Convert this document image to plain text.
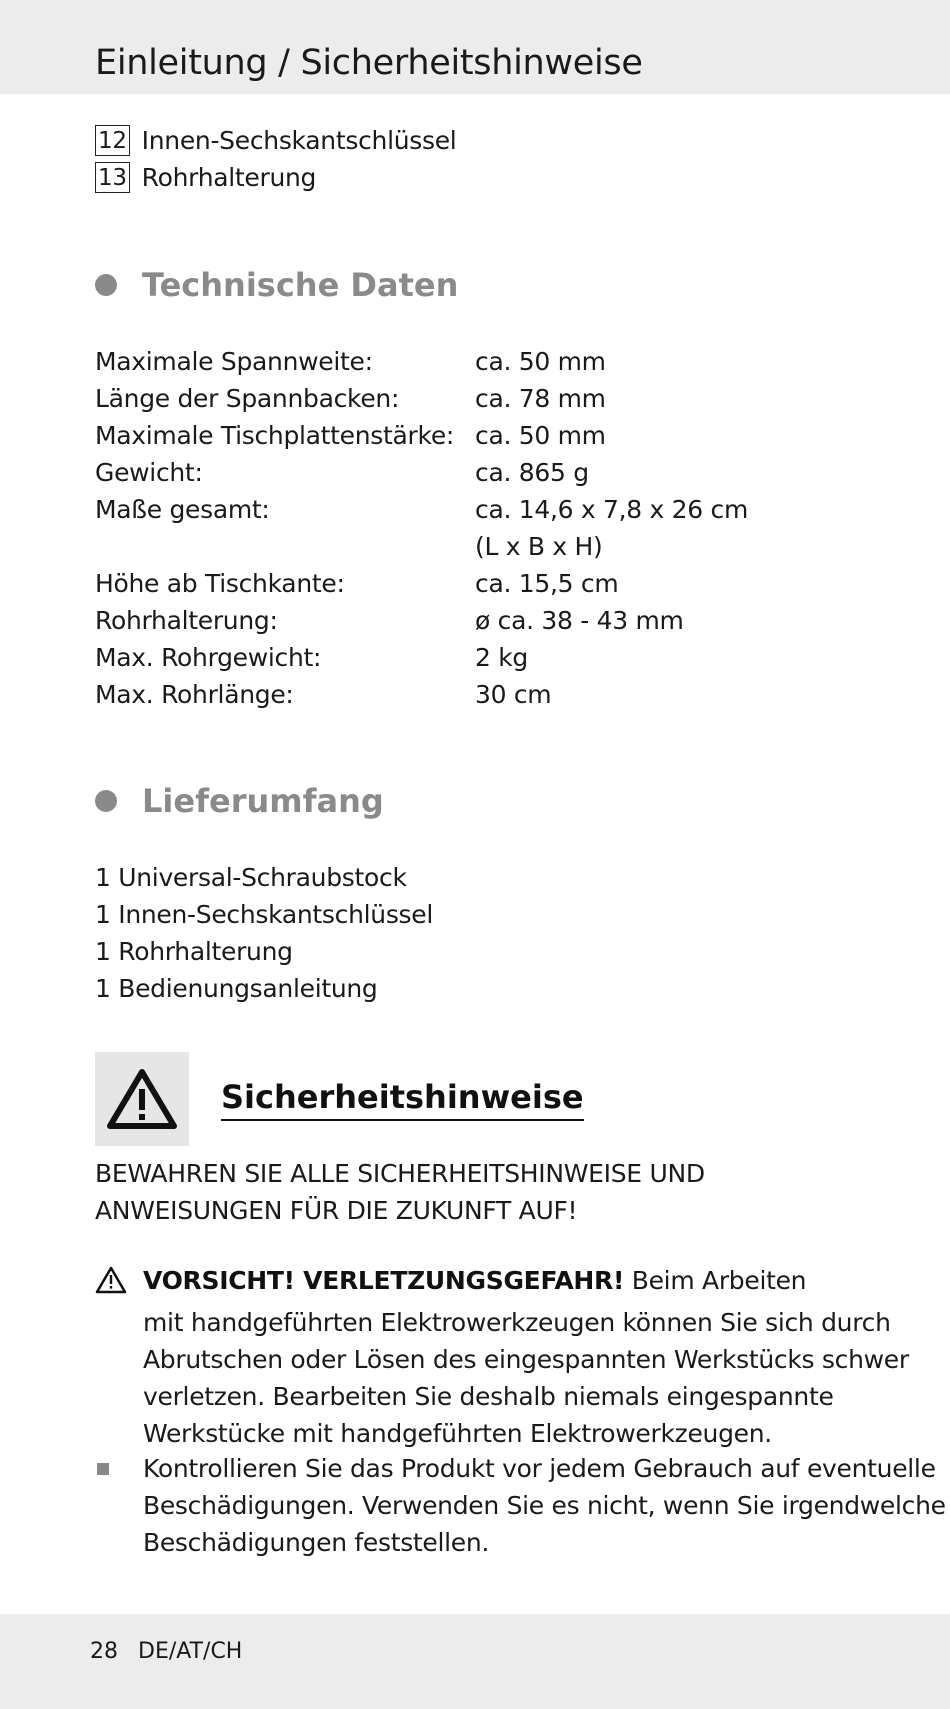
Einleitung / Sicherheitshinweise
12 Innen-Sechskantschlüssel
13 Rohrhalterung
Technische Daten
Maximale Spannweite:	ca. 50 mm
Länge der Spannbacken:	ca. 78 mm
Maximale Tischplattenstärke: ca. 50 mm
Gewicht:	ca. 865 g
Maße gesamt:	ca. 14,6 x 7,8 x 26 cm
(L x B x H)
Höhe ab Tischkante:	ca. 15,5 cm
Rohrhalterung:	ø ca. 38 - 43 mm
Max. Rohrgewicht:	2 kg
Max. Rohrlänge:	30 cm
Lieferumfang
1 Universal-Schraubstock
1 Innen-Sechskantschlüssel
1 Rohrhalterung
1 Bedienungsanleitung
Sicherheitshinweise
BEWAHREN SIE ALLE SICHERHEITSHINWEISE UND
ANWEISUNGEN FÜR DIE ZUKUNFT AUF!
VORSICHT! VERLETZUNGSGEFAHR! Beim Arbeiten
mit handgeführten Elektrowerkzeugen können Sie sich durch
Abrutschen oder Lösen des eingespannten Werkstücks schwer
verletzen. Bearbeiten Sie deshalb niemals eingespannte
Werkstücke mit handgeführten Elektrowerkzeugen.
Kontrollieren Sie das Produkt vor jedem Gebrauch auf eventuelle
Beschädigungen. Verwenden Sie es nicht, wenn Sie irgendwelche
Beschädigungen feststellen.
28 DE/AT/CH
